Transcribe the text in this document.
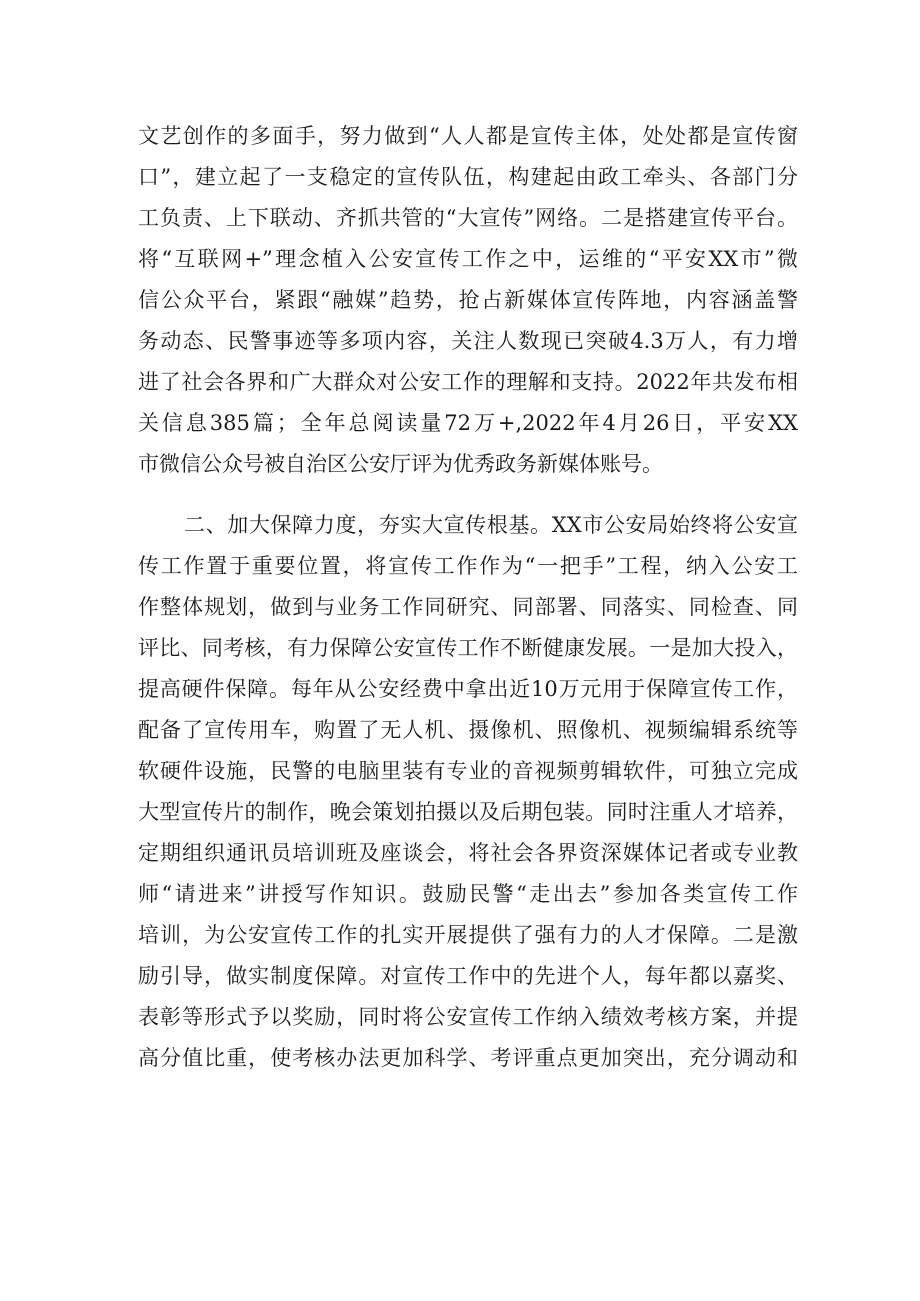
文艺创作的多面手，努力做到“人人都是宣传主体，处处都是宣传窗
口”，建立起了一支稳定的宣传队伍，构建起由政工牵头、各部门分
工负责、上下联动、齐抓共管的“大宣传”网络。二是搭建宣传平台。
将“互联网+”理念植入公安宣传工作之中，运维的“平安XX市”微
信公众平台，紧跟“融媒”趋势，抢占新媒体宣传阵地，内容涵盖警
务动态、民警事迹等多项内容，关注人数现已突破4.3万人，有力增
进了社会各界和广大群众对公安工作的理解和支持。2022年共发布相
关信息385篇；全年总阅读量72万+,2022年4月26日，平安XX
市微信公众号被自治区公安厅评为优秀政务新媒体账号。
二、加大保障力度，夯实大宣传根基。XX市公安局始终将公安宣
传工作置于重要位置，将宣传工作作为“一把手”工程，纳入公安工
作整体规划，做到与业务工作同研究、同部署、同落实、同检查、同
评比、同考核，有力保障公安宣传工作不断健康发展。一是加大投入，
提高硬件保障。每年从公安经费中拿出近10万元用于保障宣传工作，
配备了宣传用车，购置了无人机、摄像机、照像机、视频编辑系统等
软硬件设施，民警的电脑里装有专业的音视频剪辑软件，可独立完成
大型宣传片的制作，晚会策划拍摄以及后期包装。同时注重人才培养，
定期组织通讯员培训班及座谈会，将社会各界资深媒体记者或专业教
师“请进来”讲授写作知识。鼓励民警“走出去”参加各类宣传工作
培训，为公安宣传工作的扎实开展提供了强有力的人才保障。二是激
励引导，做实制度保障。对宣传工作中的先进个人，每年都以嘉奖、
表彰等形式予以奖励，同时将公安宣传工作纳入绩效考核方案，并提
高分值比重，使考核办法更加科学、考评重点更加突出，充分调动和
